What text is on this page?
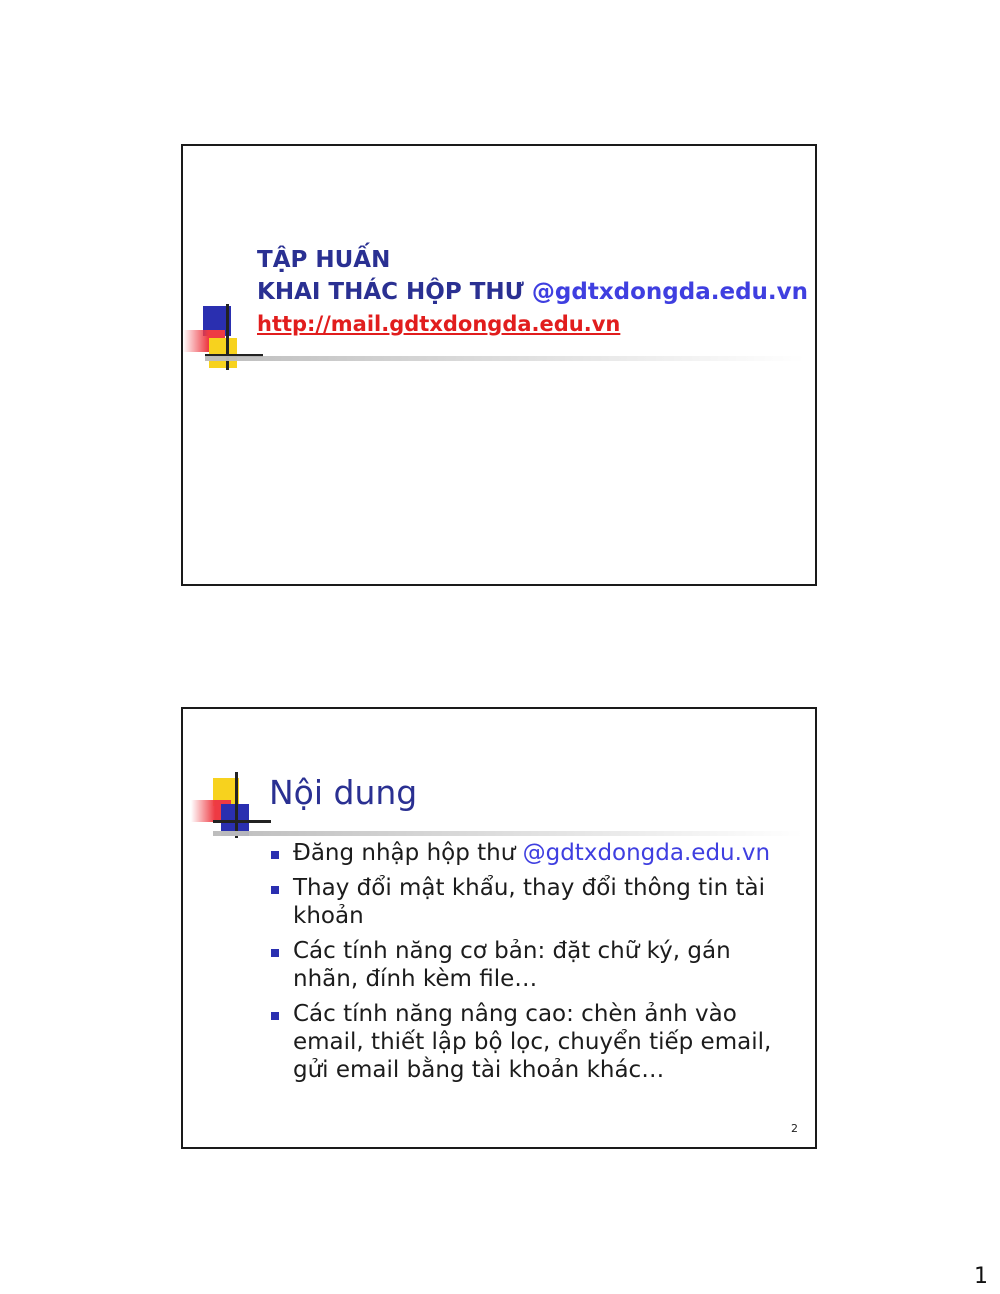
TẬP HUẤN
KHAI THÁC HỘP THƯ @gdtxdongda.edu.vn
http://mail.gdtxdongda.edu.vn
Nội dung
Đăng nhập hộp thư @gdtxdongda.edu.vn
Thay đổi mật khẩu, thay đổi thông tin tài khoản
Các tính năng cơ bản: đặt chữ ký, gán nhãn, đính kèm file…
Các tính năng nâng cao: chèn ảnh vào email, thiết lập bộ lọc, chuyển tiếp email, gửi email bằng tài khoản khác…
2
1
